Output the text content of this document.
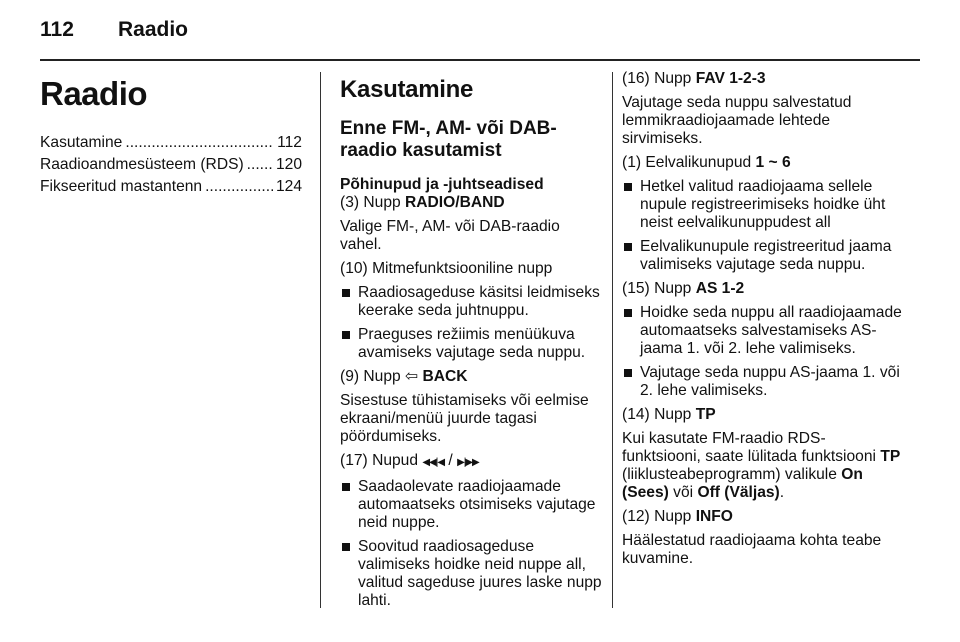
112 Raadio
Raadio
Kasutamine .....	112
Raadioandmesüsteem (RDS) ..... 120
Fikseeritud mastantenn .....	124
Kasutamine
Enne FM-, AM- või DAB-raadio kasutamist
Põhinupud ja -juhtseadised

(3) Nupp RADIO/BAND

Valige FM-, AM- või DAB-raadio vahel.

(10) Mitmefunktsiooniline nupp

Raadiosageduse käsitsi leidmiseks keerake seda juhtnuppu.
Praeguses režiimis menüükuva avamiseks vajutage seda nuppu.

(9) Nupp ⇦ BACK

Sisestuse tühistamiseks või eelmise ekraani/menüü juurde tagasi pöördumiseks.

(17) Nupud ◀◀|◀ / ▶|▶▶

Saadaolevate raadiojaamade automaatseks otsimiseks vajutage neid nuppe.
Soovitud raadiosageduse valimiseks hoidke neid nuppe all, valitud sageduse juures laske nupp lahti.

(16) Nupp FAV 1-2-3

Vajutage seda nuppu salvestatud lemmikraadiojaamade lehtede sirvimiseks.

(1) Eelvalikunupud 1 ~ 6

Hetkel valitud raadiojaama sellele nupule registreerimiseks hoidke üht neist eelvalikunuppudest all
Eelvalikunupule registreeritud jaama valimiseks vajutage seda nuppu.

(15) Nupp AS 1-2

Hoidke seda nuppu all raadiojaamade automaatseks salvestamiseks AS-jaama 1. või 2. lehe valimiseks.
Vajutage seda nuppu AS-jaama 1. või 2. lehe valimiseks.

(14) Nupp TP

Kui kasutate FM-raadio RDS-funktsiooni, saate lülitada funktsiooni TP (liiklusteabeprogramm) valikule On (Sees) või Off (Väljas).

(12) Nupp INFO

Häälestatud raadiojaama kohta teabe kuvamine.
